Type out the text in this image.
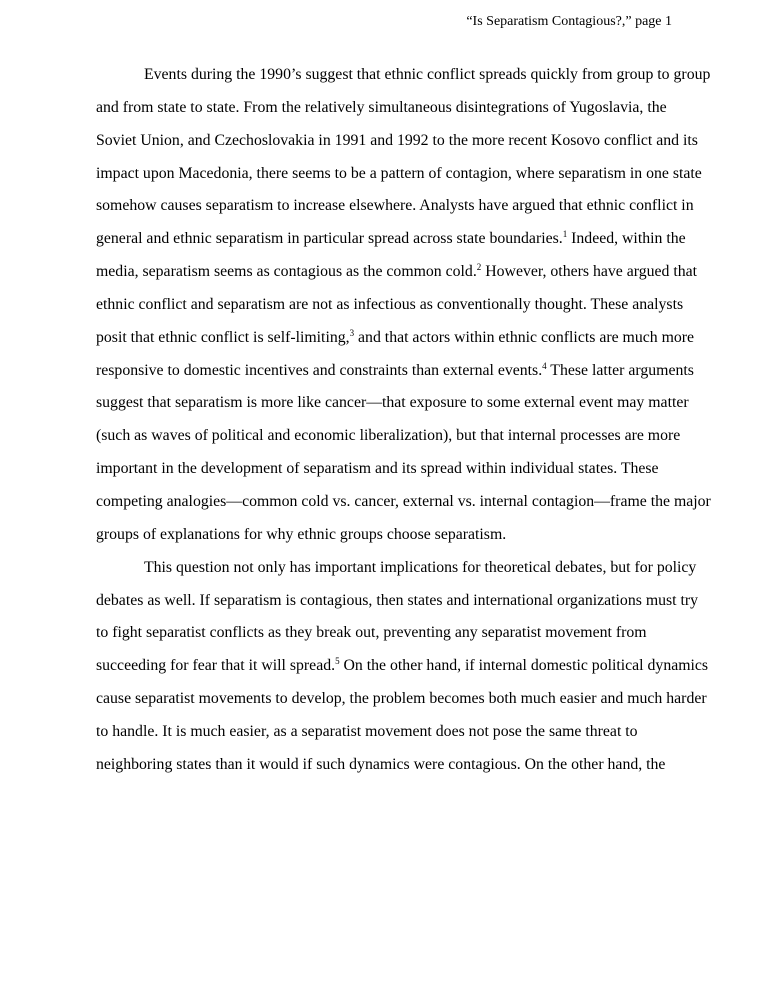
“Is Separatism Contagious?,” page 1
Events during the 1990’s suggest that ethnic conflict spreads quickly from group to group
and from state to state. From the relatively simultaneous disintegrations of Yugoslavia, the
Soviet Union, and Czechoslovakia in 1991 and 1992 to the more recent Kosovo conflict and its
impact upon Macedonia, there seems to be a pattern of contagion, where separatism in one state
somehow causes separatism to increase elsewhere. Analysts have argued that ethnic conflict in
general and ethnic separatism in particular spread across state boundaries.$^1$ Indeed, within the
media, separatism seems as contagious as the common cold.$^2$ However, others have argued that
ethnic conflict and separatism are not as infectious as conventionally thought. These analysts
posit that ethnic conflict is self-limiting,$^3$ and that actors within ethnic conflicts are much more
responsive to domestic incentives and constraints than external events.$^4$ These latter arguments
suggest that separatism is more like cancer—that exposure to some external event may matter
(such as waves of political and economic liberalization), but that internal processes are more
important in the development of separatism and its spread within individual states. These
competing analogies—common cold vs. cancer, external vs. internal contagion—frame the major
groups of explanations for why ethnic groups choose separatism.
This question not only has important implications for theoretical debates, but for policy
debates as well. If separatism is contagious, then states and international organizations must try
to fight separatist conflicts as they break out, preventing any separatist movement from
succeeding for fear that it will spread.$^5$ On the other hand, if internal domestic political dynamics
cause separatist movements to develop, the problem becomes both much easier and much harder
to handle. It is much easier, as a separatist movement does not pose the same threat to
neighboring states than it would if such dynamics were contagious. On the other hand, the
